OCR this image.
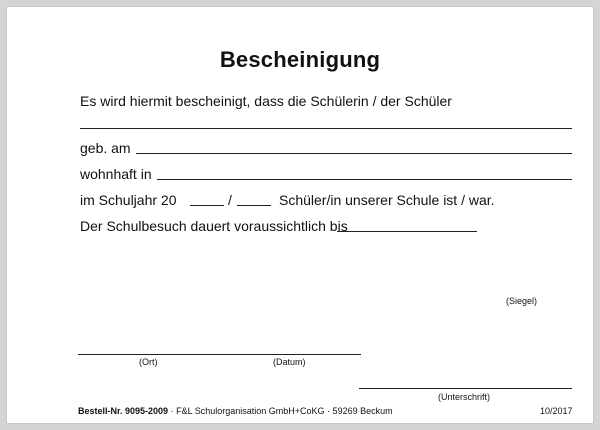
Bescheinigung
Es wird hiermit bescheinigt, dass die Schülerin / der Schüler
geb. am
wohnhaft in
im Schuljahr 20	/	Schüler/in unserer Schule ist / war.
Der Schulbesuch dauert voraussichtlich bis
(Siegel)
(Ort)	(Datum)
(Unterschrift)
Bestell-Nr. 9095-2009 · F&L Schulorganisation GmbH+CoKG · 59269 Beckum	10/2017
